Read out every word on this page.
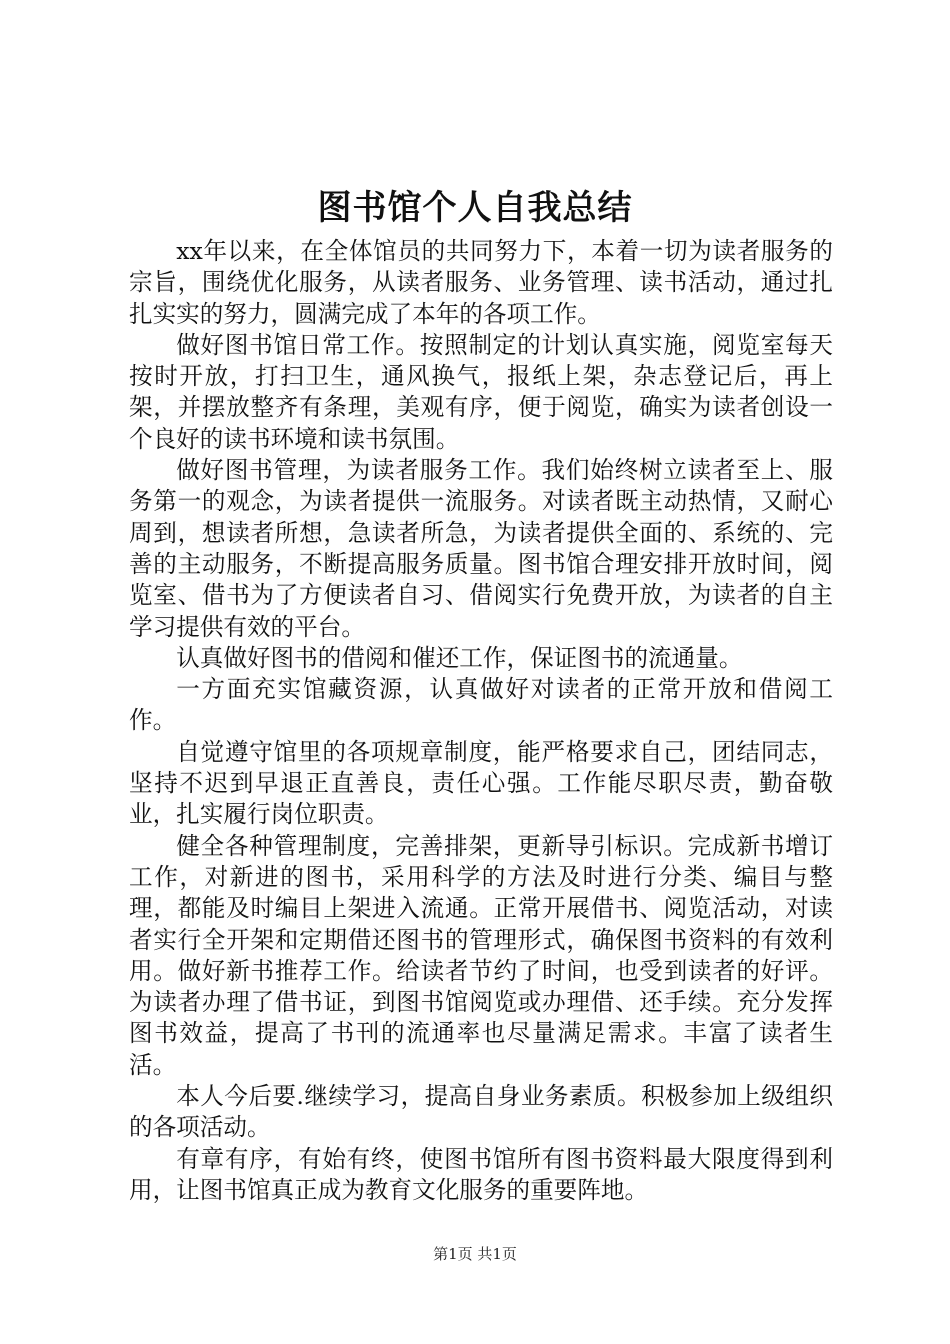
图书馆个人自我总结

xx年以来，在全体馆员的共同努力下，本着一切为读者服务的宗旨，围绕优化服务，从读者服务、业务管理、读书活动，通过扎扎实实的努力，圆满完成了本年的各项工作。

做好图书馆日常工作。按照制定的计划认真实施，阅览室每天按时开放，打扫卫生，通风换气，报纸上架，杂志登记后，再上架，并摆放整齐有条理，美观有序，便于阅览，确实为读者创设一个良好的读书环境和读书氛围。

做好图书管理，为读者服务工作。我们始终树立读者至上、服务第一的观念，为读者提供一流服务。对读者既主动热情，又耐心周到，想读者所想，急读者所急，为读者提供全面的、系统的、完善的主动服务，不断提高服务质量。图书馆合理安排开放时间，阅览室、借书为了方便读者自习、借阅实行免费开放，为读者的自主学习提供有效的平台。

认真做好图书的借阅和催还工作，保证图书的流通量。

一方面充实馆藏资源，认真做好对读者的正常开放和借阅工作。

自觉遵守馆里的各项规章制度，能严格要求自己，团结同志，坚持不迟到早退正直善良，责任心强。工作能尽职尽责，勤奋敬业，扎实履行岗位职责。

健全各种管理制度，完善排架，更新导引标识。完成新书增订工作，对新进的图书，采用科学的方法及时进行分类、编目与整理，都能及时编目上架进入流通。正常开展借书、阅览活动，对读者实行全开架和定期借还图书的管理形式，确保图书资料的有效利用。做好新书推荐工作。给读者节约了时间，也受到读者的好评。为读者办理了借书证，到图书馆阅览或办理借、还手续。充分发挥图书效益，提高了书刊的流通率也尽量满足需求。丰富了读者生活。

本人今后要.继续学习，提高自身业务素质。积极参加上级组织的各项活动。

有章有序，有始有终，使图书馆所有图书资料最大限度得到利用，让图书馆真正成为教育文化服务的重要阵地。

第1页 共1页
